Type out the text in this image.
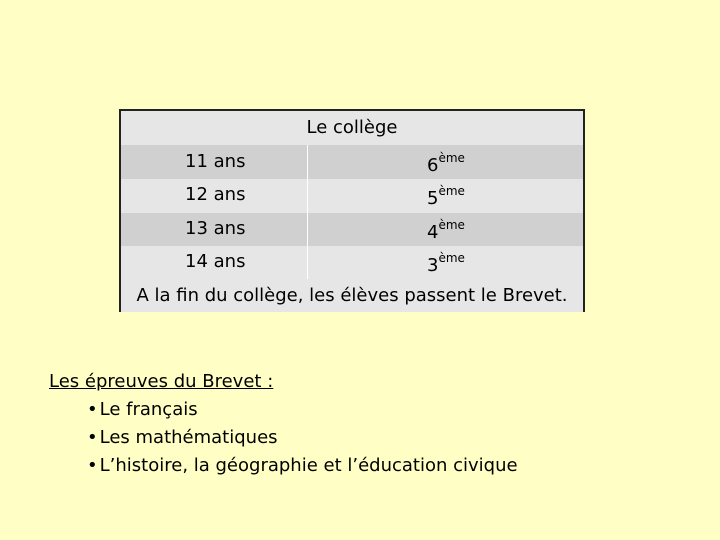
Le collège
11 ans	6ème
12 ans	5ème
13 ans	4ème
14 ans	3ème
A la fin du collège, les élèves passent le Brevet.
Les épreuves du Brevet :
• Le français
• Les mathématiques
• L’histoire, la géographie et l’éducation civique
